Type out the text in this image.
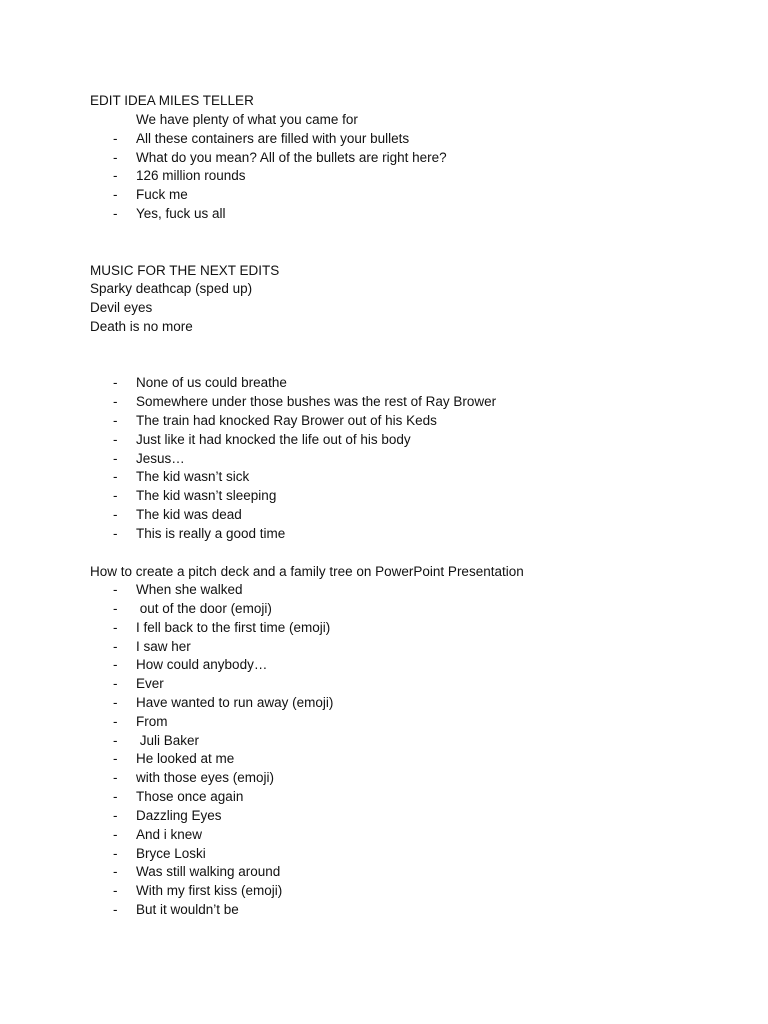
EDIT IDEA MILES TELLER
We have plenty of what you came for
- All these containers are filled with your bullets
- What do you mean? All of the bullets are right here?
- 126 million rounds
- Fuck me
- Yes, fuck us all
MUSIC FOR THE NEXT EDITS
Sparky deathcap (sped up)
Devil eyes
Death is no more
- None of us could breathe
- Somewhere under those bushes was the rest of Ray Brower
- The train had knocked Ray Brower out of his Keds
- Just like it had knocked the life out of his body
- Jesus…
- The kid wasn’t sick
- The kid wasn’t sleeping
- The kid was dead
- This is really a good time
How to create a pitch deck and a family tree on PowerPoint Presentation
- When she walked
- out of the door (emoji)
- I fell back to the first time (emoji)
- I saw her
- How could anybody…
- Ever
- Have wanted to run away (emoji)
- From
- Juli Baker
- He looked at me
- with those eyes (emoji)
- Those once again
- Dazzling Eyes
- And i knew
- Bryce Loski
- Was still walking around
- With my first kiss (emoji)
- But it wouldn’t be
